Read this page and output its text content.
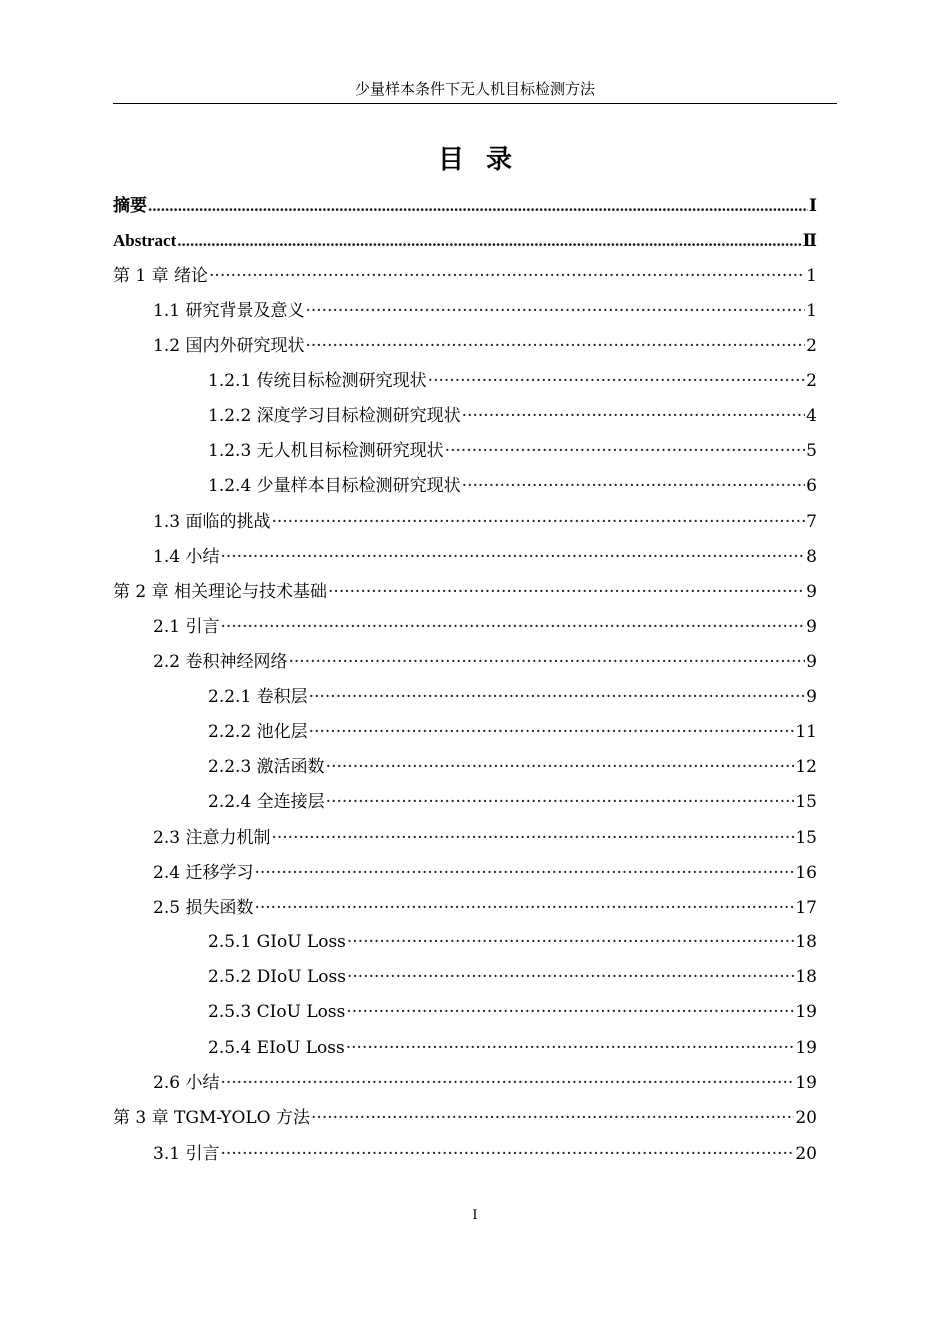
少量样本条件下无人机目标检测方法
目录
摘要 .....	Ⅰ
Abstract .....	Ⅱ
第 1 章 绪论 ·····	1
1.1 研究背景及意义 ·····	1
1.2 国内外研究现状 ·····	2
1.2.1 传统目标检测研究现状 ·····	2
1.2.2 深度学习目标检测研究现状 ·····	4
1.2.3 无人机目标检测研究现状 ·····	5
1.2.4 少量样本目标检测研究现状 ·····	6
1.3 面临的挑战 ·····	7
1.4 小结 ·····	8
第 2 章 相关理论与技术基础 ·····	9
2.1 引言 ·····	9
2.2 卷积神经网络 ·····	9
2.2.1 卷积层 ·····	9
2.2.2 池化层 ·····	11
2.2.3 激活函数 ·····	12
2.2.4 全连接层 ·····	15
2.3 注意力机制 ·····	15
2.4 迁移学习 ·····	16
2.5 损失函数 ·····	17
2.5.1 GIoU Loss ·····	18
2.5.2 DIoU Loss ·····	18
2.5.3 CIoU Loss ·····	19
2.5.4 EIoU Loss ·····	19
2.6 小结 ·····	19
第 3 章 TGM-YOLO 方法 ·····	20
3.1 引言 ·····	20
I
